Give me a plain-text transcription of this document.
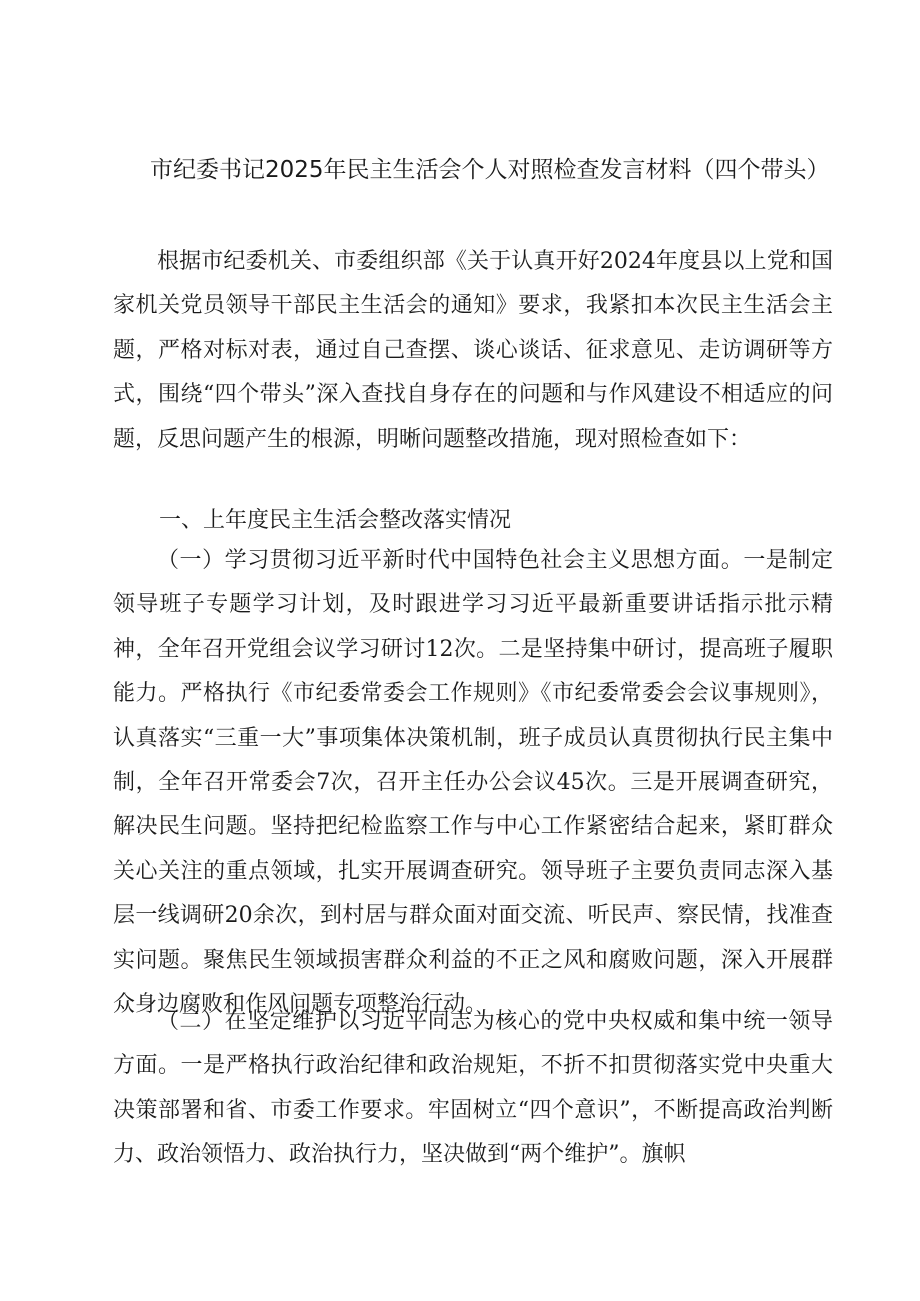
市纪委书记2025年民主生活会个人对照检查发言材料（四个带头）

根据市纪委机关、市委组织部《关于认真开好2024年度县以上党和国家机关党员领导干部民主生活会的通知》要求，我紧扣本次民主生活会主题，严格对标对表，通过自己查摆、谈心谈话、征求意见、走访调研等方式，围绕“四个带头”深入查找自身存在的问题和与作风建设不相适应的问题，反思问题产生的根源，明晰问题整改措施，现对照检查如下：

一、上年度民主生活会整改落实情况

（一）学习贯彻习近平新时代中国特色社会主义思想方面。一是制定领导班子专题学习计划，及时跟进学习习近平最新重要讲话指示批示精神，全年召开党组会议学习研讨12次。二是坚持集中研讨，提高班子履职能力。严格执行《市纪委常委会工作规则》《市纪委常委会会议事规则》，认真落实“三重一大”事项集体决策机制，班子成员认真贯彻执行民主集中制，全年召开常委会7次，召开主任办公会议45次。三是开展调查研究，解决民生问题。坚持把纪检监察工作与中心工作紧密结合起来，紧盯群众关心关注的重点领域，扎实开展调查研究。领导班子主要负责同志深入基层一线调研20余次，到村居与群众面对面交流、听民声、察民情，找准查实问题。聚焦民生领域损害群众利益的不正之风和腐败问题，深入开展群众身边腐败和作风问题专项整治行动。

（二）在坚定维护以习近平同志为核心的党中央权威和集中统一领导方面。一是严格执行政治纪律和政治规矩，不折不扣贯彻落实党中央重大决策部署和省、市委工作要求。牢固树立“四个意识”，不断提高政治判断力、政治领悟力、政治执行力，坚决做到“两个维护”。旗帜
